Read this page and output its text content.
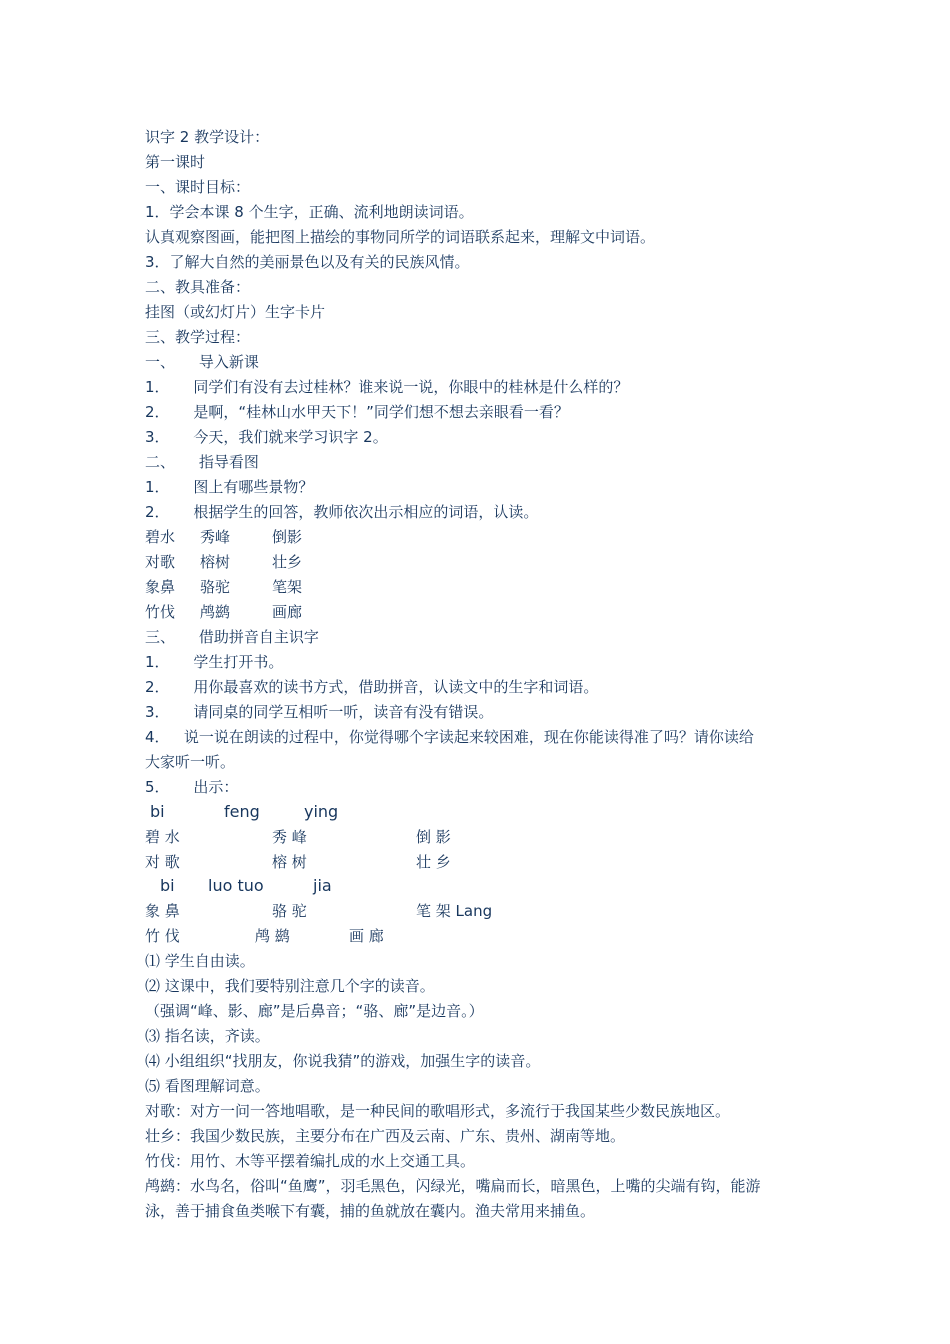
识字 2 教学设计：
第一课时
一、课时目标：
1．学会本课 8 个生字，正确、流利地朗读词语。
认真观察图画，能把图上描绘的事物同所学的词语联系起来，理解文中词语。
3．了解大自然的美丽景色以及有关的民族风情。
二、教具准备：
挂图（或幻灯片）生字卡片
三、教学过程：
一、     导入新课
1．     同学们有没有去过桂林？谁来说一说，你眼中的桂林是什么样的？
2．     是啊，“桂林山水甲天下！”同学们想不想去亲眼看一看？
3．     今天，我们就来学习识字 2。
二、     指导看图
1．     图上有哪些景物？
2．     根据学生的回答，教师依次出示相应的词语，认读。
碧水 秀峰	倒影
对歌 榕树	壮乡
象鼻 骆驼	笔架
竹伐 鸬鹚	画廊
三、     借助拼音自主识字
1．     学生打开书。
2．     用你最喜欢的读书方式，借助拼音，认读文中的生字和词语。
3．     请同桌的同学互相听一听，读音有没有错误。
4．   说一说在朗读的过程中，你觉得哪个字读起来较困难，现在你能读得准了吗？请你读给
大家听一听。
5．     出示：
bi	feng	ying
碧 水	秀 峰	倒 影
对 歌	榕 树	壮 乡
bi luo tuo	jia
象 鼻	骆 驼	笔 架 Lang
竹 伐	鸬 鹚	画 廊
⑴ 学生自由读。
⑵ 这课中，我们要特别注意几个字的读音。
（强调“峰、影、廊”是后鼻音；“骆、廊”是边音。）
⑶ 指名读，齐读。
⑷ 小组组织“找朋友，你说我猜”的游戏，加强生字的读音。
⑸ 看图理解词意。
对歌：对方一问一答地唱歌，是一种民间的歌唱形式，多流行于我国某些少数民族地区。
壮乡：我国少数民族，主要分布在广西及云南、广东、贵州、湖南等地。
竹伐：用竹、木等平摆着编扎成的水上交通工具。
鸬鹚：水鸟名，俗叫“鱼鹰”，羽毛黑色，闪绿光，嘴扁而长，暗黑色，上嘴的尖端有钩，能游
泳，善于捕食鱼类喉下有囊，捕的鱼就放在囊内。渔夫常用来捕鱼。
